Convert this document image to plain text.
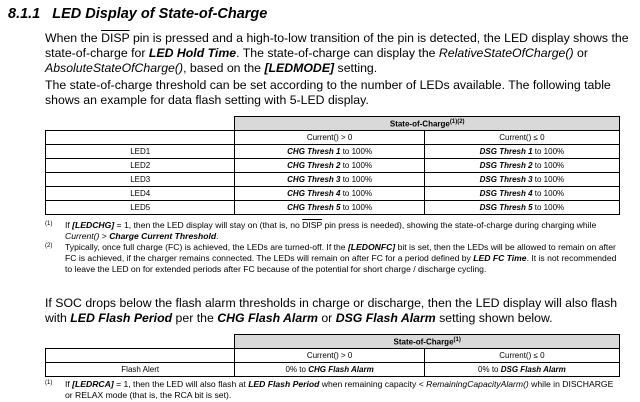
8.1.1 LED Display of State-of-Charge
When the DISP pin is pressed and a high-to-low transition of the pin is detected, the LED display shows the state-of-charge for LED Hold Time. The state-of-charge can display the RelativeStateOfCharge() or AbsoluteStateOfCharge(), based on the [LEDMODE] setting.
The state-of-charge threshold can be set according to the number of LEDs available. The following table shows an example for data flash setting with 5-LED display.
	State-of-Charge$^{(1)(2)}$
	Current() > 0	Current() ≤ 0
LED1	CHG Thresh 1 to 100%	DSG Thresh 1 to 100%
LED2	CHG Thresh 2 to 100%	DSG Thresh 2 to 100%
LED3	CHG Thresh 3 to 100%	DSG Thresh 3 to 100%
LED4	CHG Thresh 4 to 100%	DSG Thresh 4 to 100%
LED5	CHG Thresh 5 to 100%	DSG Thresh 5 to 100%
(1) If [LEDCHG] = 1, then the LED display will stay on (that is, no DISP pin press is needed), showing the state-of-charge during charging while Current() > Charge Current Threshold.
(2) Typically, once full charge (FC) is achieved, the LEDs are turned-off. If the [LEDONFC] bit is set, then the LEDs will be allowed to remain on after FC is achieved, if the charger remains connected. The LEDs will remain on after FC for a period defined by LED FC Time. It is not recommended to leave the LED on for extended periods after FC because of the potential for short charge / discharge cycling.
If SOC drops below the flash alarm thresholds in charge or discharge, then the LED display will also flash with LED Flash Period per the CHG Flash Alarm or DSG Flash Alarm setting shown below.
	State-of-Charge$^{(1)}$
	Current() > 0	Current() ≤ 0
Flash Alert	0% to CHG Flash Alarm	0% to DSG Flash Alarm
(1) If [LEDRCA] = 1, then the LED will also flash at LED Flash Period when remaining capacity < RemainingCapacityAlarm() while in DISCHARGE or RELAX mode (that is, the RCA bit is set).
